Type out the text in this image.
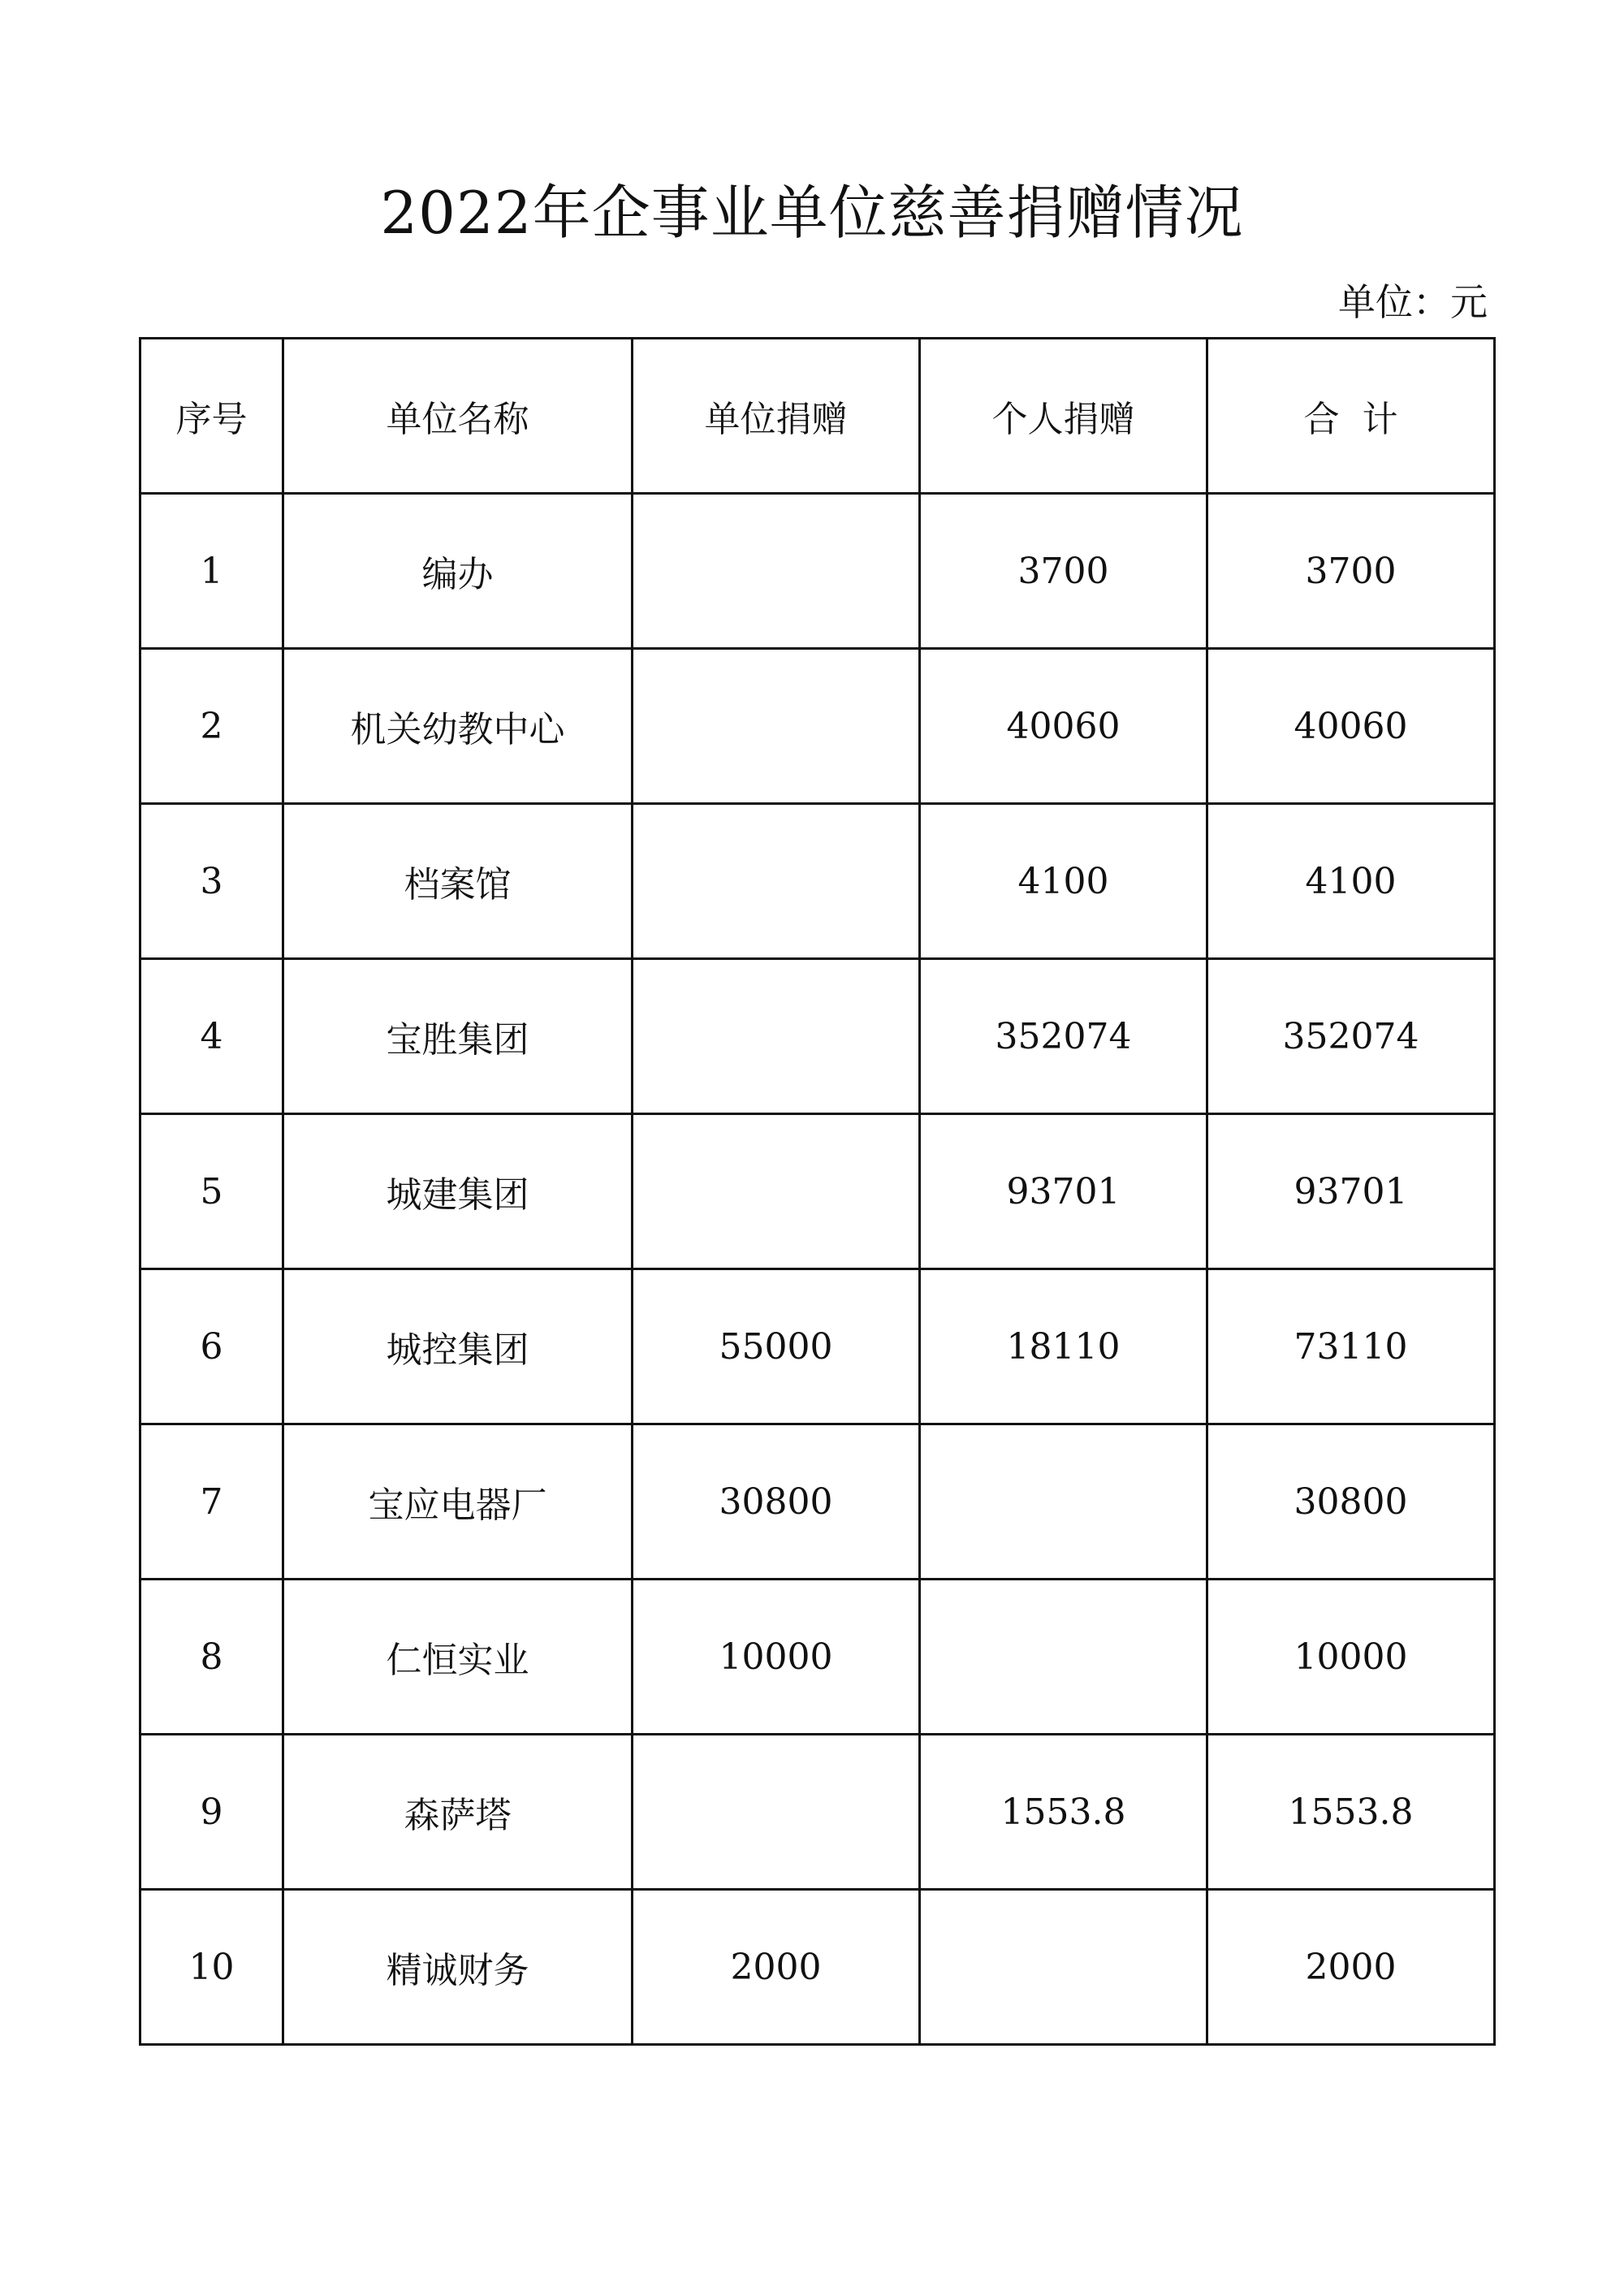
2022年企事业单位慈善捐赠情况
单位：元
序号	单位名称	单位捐赠	个人捐赠	合  计
1	编办		3700	3700
2	机关幼教中心		40060	40060
3	档案馆		4100	4100
4	宝胜集团		352074	352074
5	城建集团		93701	93701
6	城控集团	55000	18110	73110
7	宝应电器厂	30800		30800
8	仁恒实业	10000		10000
9	森萨塔		1553.8	1553.8
10	精诚财务	2000		2000
